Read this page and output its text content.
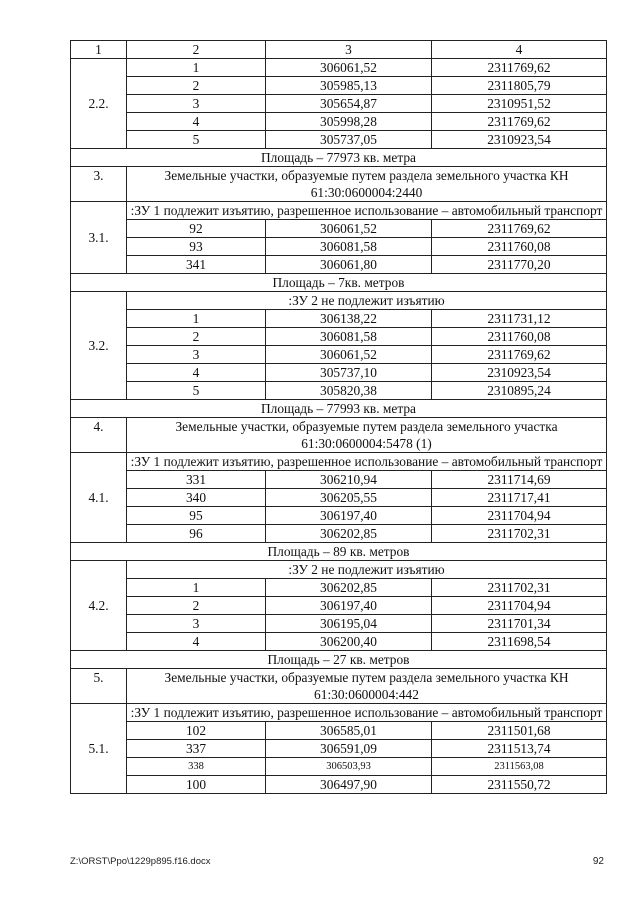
1	2	3	4
2.2.	1	306061,52	2311769,62
	2	305985,13	2311805,79
	3	305654,87	2310951,52
	4	305998,28	2311769,62
	5	305737,05	2310923,54
Площадь – 77973 кв. метра			
3.	Земельные участки, образуемые путем раздела земельного участка КН 61:30:0600004:2440		
3.1.	:ЗУ 1 подлежит изъятию, разрешенное использование – автомобильный транспорт		
	92	306061,52	2311769,62
	93	306081,58	2311760,08
	341	306061,80	2311770,20
Площадь – 7кв. метров			
3.2.	:ЗУ 2 не подлежит изъятию		
	1	306138,22	2311731,12
	2	306081,58	2311760,08
	3	306061,52	2311769,62
	4	305737,10	2310923,54
	5	305820,38	2310895,24
Площадь – 77993 кв. метра			
4.	Земельные участки, образуемые путем раздела земельного участка 61:30:0600004:5478 (1)		
4.1.	:ЗУ 1 подлежит изъятию, разрешенное использование – автомобильный транспорт		
	331	306210,94	2311714,69
	340	306205,55	2311717,41
	95	306197,40	2311704,94
	96	306202,85	2311702,31
Площадь – 89 кв. метров			
4.2.	:ЗУ 2 не подлежит изъятию		
	1	306202,85	2311702,31
	2	306197,40	2311704,94
	3	306195,04	2311701,34
	4	306200,40	2311698,54
Площадь – 27 кв. метров			
5.	Земельные участки, образуемые путем раздела земельного участка КН 61:30:0600004:442		
5.1.	:ЗУ 1 подлежит изъятию, разрешенное использование – автомобильный транспорт		
	102	306585,01	2311501,68
	337	306591,09	2311513,74
	338	306503,93	2311563,08
	100	306497,90	2311550,72
Z:\ORST\Ppo\1229p895.f16.docx	92
